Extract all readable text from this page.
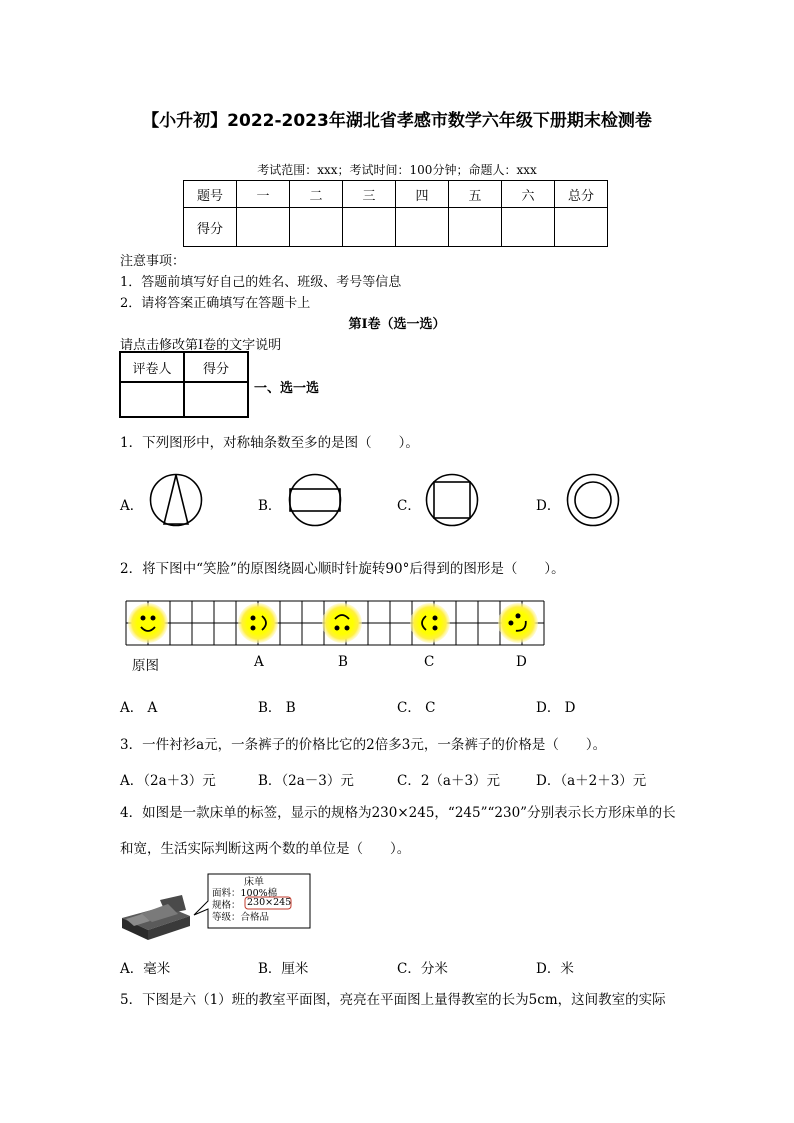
【小升初】2022-2023年湖北省孝感市数学六年级下册期末检测卷
考试范围：xxx；考试时间：100分钟；命题人：xxx
题号	一	二	三	四	五	六	总分
得分							
注意事项：
1．答题前填写好自己的姓名、班级、考号等信息
2．请将答案正确填写在答题卡上
第I卷（选一选）
请点击修改第I卷的文字说明
评卷人	得分

一、选一选
1．下列图形中，对称轴条数至多的是图（　　）。
A．	B．	C．	D．
2．将下图中“笑脸”的原图绕圆心顺时针旋转90°后得到的图形是（　　）。
原图	A	B	C	D
A． A	B． B	C． C	D． D
3．一件衬衫a元，一条裤子的价格比它的2倍多3元，一条裤子的价格是（　　）。
A．（2a＋3）元	B．（2a－3）元	C．2（a＋3）元	D．（a＋2＋3）元
4．如图是一款床单的标签，显示的规格为230×245，“245”“230”分别表示长方形床单的长
和宽，生活实际判断这两个数的单位是（　　）。
床单
面料：100%棉
规格： 230×245
等级：合格品
A．毫米	B．厘米	C．分米	D．米
5．下图是六（1）班的教室平面图，亮亮在平面图上量得教室的长为5cm，这间教室的实际
